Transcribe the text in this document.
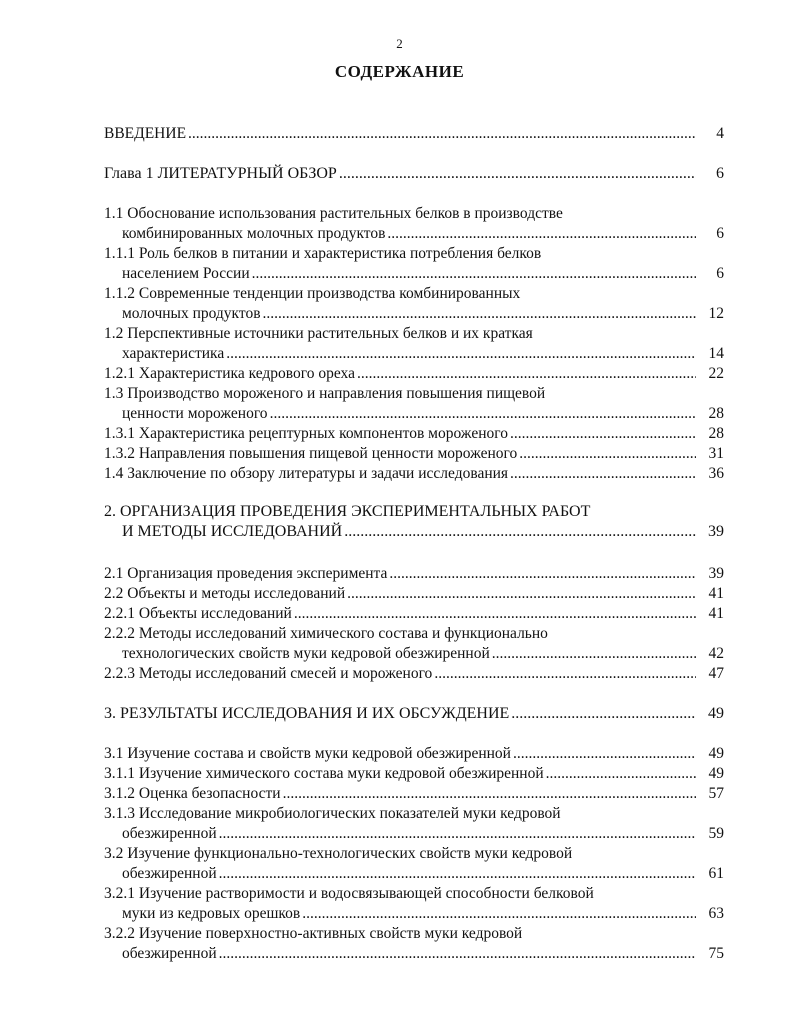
2
СОДЕРЖАНИЕ
ВВЕДЕНИЕ .....	4
Глава 1 ЛИТЕРАТУРНЫЙ ОБЗОР .....	6
1.1 Обоснование использования растительных белков в производстве
комбинированных молочных продуктов .....	6
1.1.1 Роль белков в питании и характеристика потребления белков
населением России .....	6
1.1.2 Современные тенденции производства комбинированных
молочных продуктов .....	12
1.2 Перспективные источники растительных белков и их краткая
характеристика .....	14
1.2.1 Характеристика кедрового ореха .....	22
1.3 Производство мороженого и направления повышения пищевой
ценности мороженого .....	28
1.3.1 Характеристика рецептурных компонентов мороженого .....	28
1.3.2 Направления повышения пищевой ценности мороженого .....	31
1.4 Заключение по обзору литературы и задачи исследования .....	36
2. ОРГАНИЗАЦИЯ ПРОВЕДЕНИЯ ЭКСПЕРИМЕНТАЛЬНЫХ РАБОТ
И МЕТОДЫ ИССЛЕДОВАНИЙ .....	39
2.1 Организация проведения эксперимента .....	39
2.2 Объекты и методы исследований .....	41
2.2.1 Объекты исследований .....	41
2.2.2 Методы исследований химического состава и функционально
технологических свойств муки кедровой обезжиренной .....	42
2.2.3 Методы исследований смесей и мороженого .....	47
3. РЕЗУЛЬТАТЫ ИССЛЕДОВАНИЯ И ИХ ОБСУЖДЕНИЕ .....	49
3.1 Изучение состава и свойств муки кедровой обезжиренной .....	49
3.1.1 Изучение химического состава муки кедровой обезжиренной .....	49
3.1.2 Оценка безопасности .....	57
3.1.3 Исследование микробиологических показателей муки кедровой
обезжиренной .....	59
3.2 Изучение функционально-технологических свойств муки кедровой
обезжиренной .....	61
3.2.1 Изучение растворимости и водосвязывающей способности белковой
муки из кедровых орешков .....	63
3.2.2 Изучение поверхностно-активных свойств муки кедровой
обезжиренной .....	75
